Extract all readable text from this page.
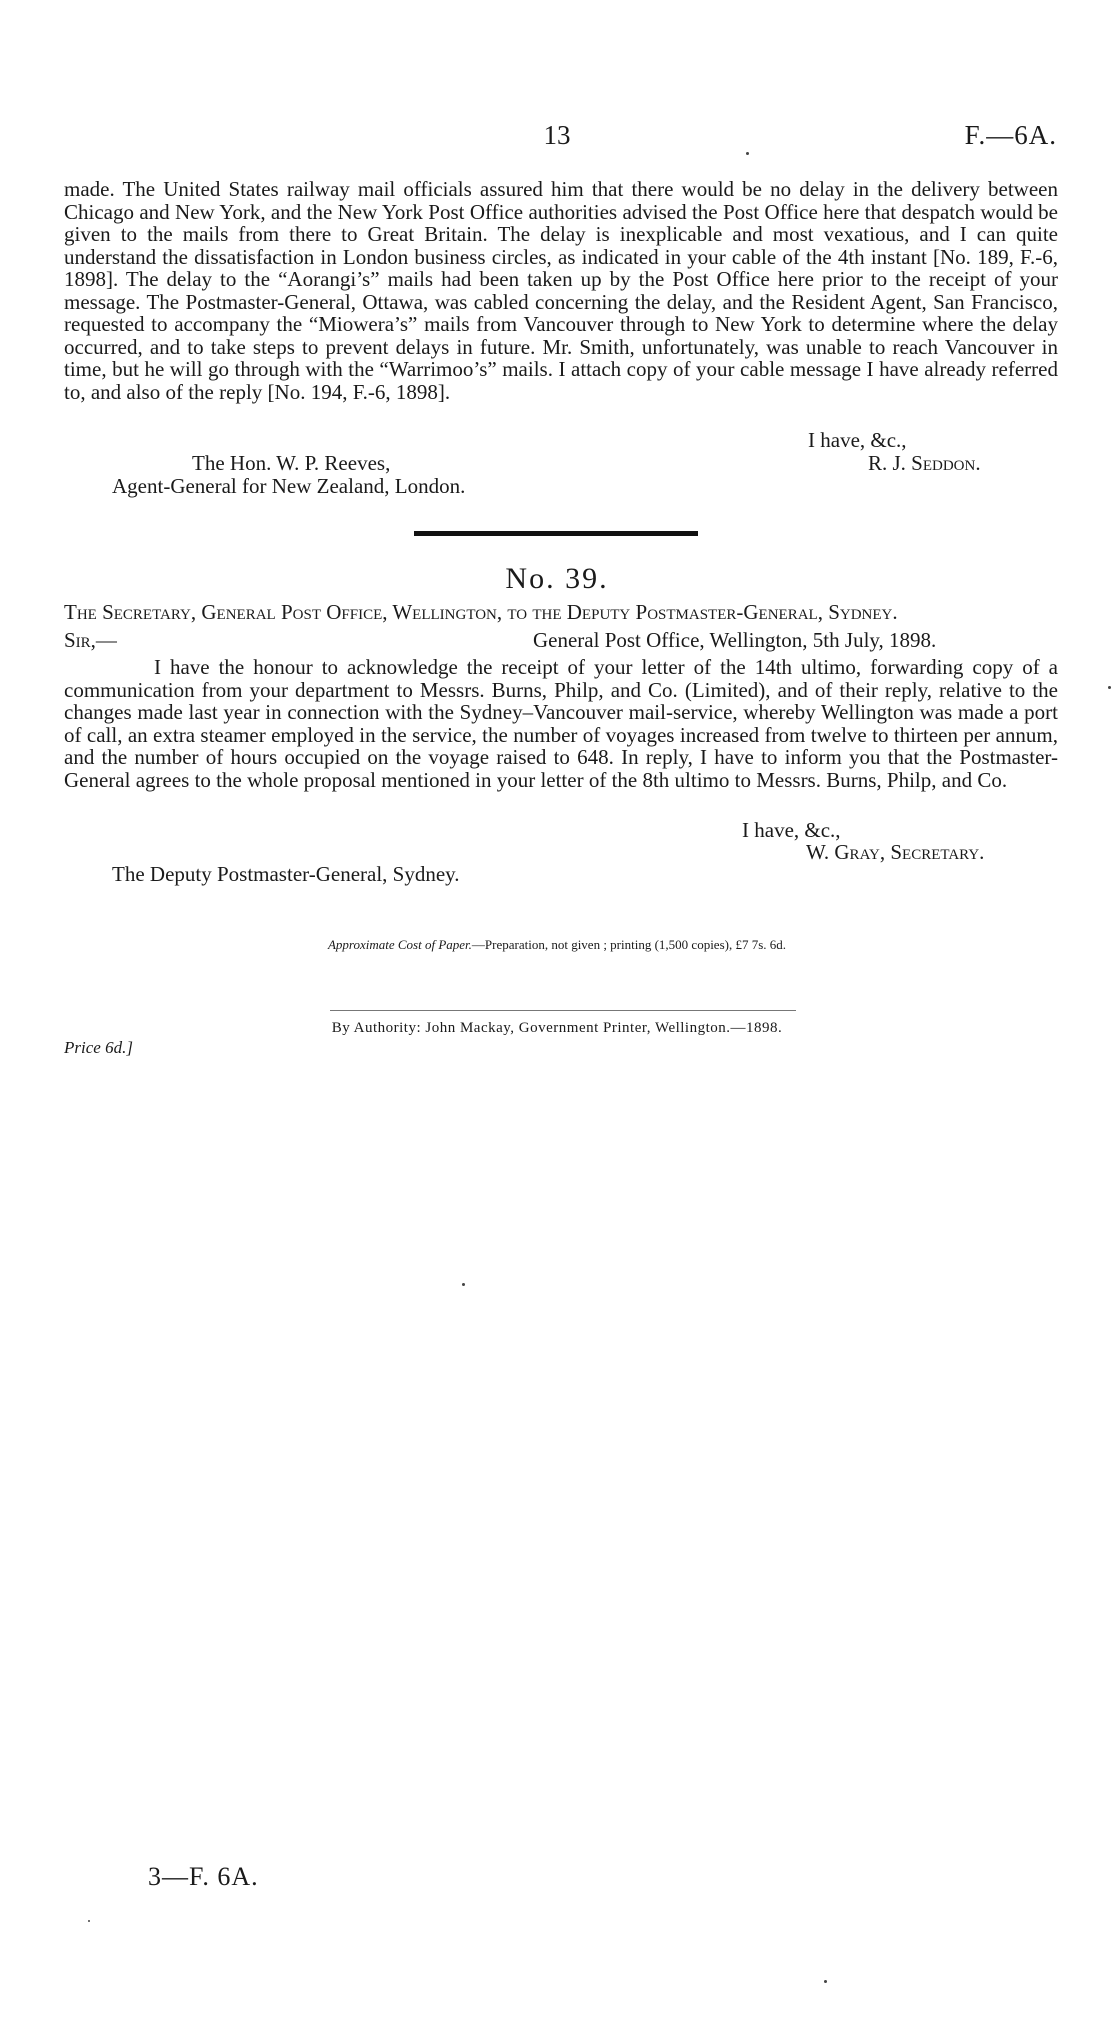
13	F.—6A.

made. The United States railway mail officials assured him that there would be no delay in the delivery between Chicago and New York, and the New York Post Office authorities advised the Post Office here that despatch would be given to the mails from there to Great Britain. The delay is inexplicable and most vexatious, and I can quite understand the dissatisfaction in London business circles, as indicated in your cable of the 4th instant [No. 189, F.-6, 1898]. The delay to the “Aorangi’s” mails had been taken up by the Post Office here prior to the receipt of your message. The Postmaster-General, Ottawa, was cabled concerning the delay, and the Resident Agent, San Francisco, requested to accompany the “Miowera’s” mails from Vancouver through to New York to determine where the delay occurred, and to take steps to prevent delays in future. Mr. Smith, unfortunately, was unable to reach Vancouver in time, but he will go through with the “Warrimoo’s” mails. I attach copy of your cable message I have already referred to, and also of the reply [No. 194, F.-6, 1898].

I have, &c.,
The Hon. W. P. Reeves,	R. J. Seddon.
Agent-General for New Zealand, London.
No. 39.
The Secretary, General Post Office, Wellington, to the Deputy Postmaster-General, Sydney.
Sir,—	General Post Office, Wellington, 5th July, 1898.

I have the honour to acknowledge the receipt of your letter of the 14th ultimo, forwarding copy of a communication from your department to Messrs. Burns, Philp, and Co. (Limited), and of their reply, relative to the changes made last year in connection with the Sydney–Vancouver mail-service, whereby Wellington was made a port of call, an extra steamer employed in the service, the number of voyages increased from twelve to thirteen per annum, and the number of hours occupied on the voyage raised to 648. In reply, I have to inform you that the Postmaster-General agrees to the whole proposal mentioned in your letter of the 8th ultimo to Messrs. Burns, Philp, and Co.

I have, &c.,
W. Gray, Secretary.
The Deputy Postmaster-General, Sydney.
Approximate Cost of Paper.—Preparation, not given ; printing (1,500 copies), £7 7s. 6d.
By Authority: John Mackay, Government Printer, Wellington.—1898.
Price 6d.]
3—F. 6A.
